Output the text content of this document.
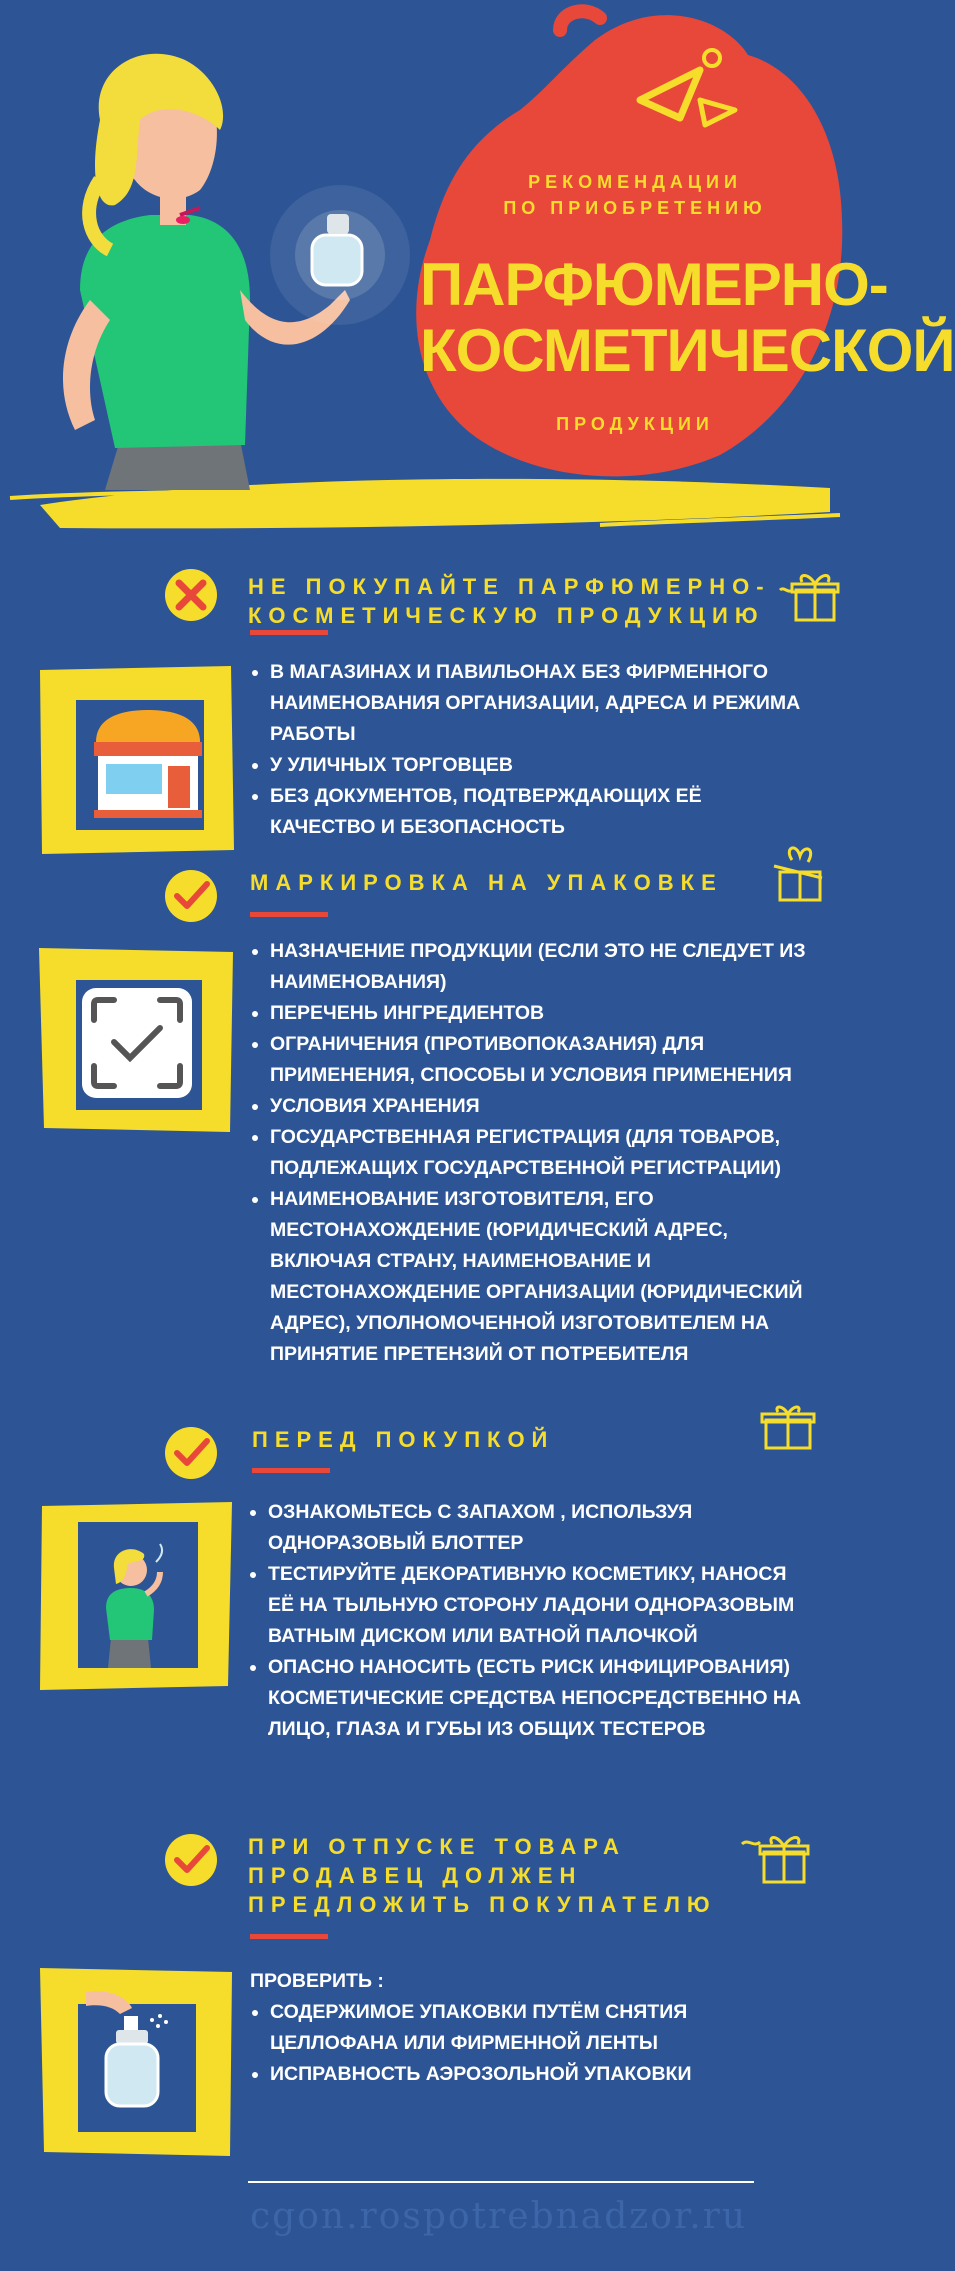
РЕКОМЕНДАЦИИ
ПО ПРИОБРЕТЕНИЮ
ПАРФЮМЕРНО-
КОСМЕТИЧЕСКОЙ
ПРОДУКЦИИ
НЕ ПОКУПАЙТЕ ПАРФЮМЕРНО-
КОСМЕТИЧЕСКУЮ ПРОДУКЦИЮ
В МАГАЗИНАХ И ПАВИЛЬОНАХ БЕЗ ФИРМЕННОГО НАИМЕНОВАНИЯ ОРГАНИЗАЦИИ, АДРЕСА И РЕЖИМА РАБОТЫ
У УЛИЧНЫХ ТОРГОВЦЕВ
БЕЗ ДОКУМЕНТОВ, ПОДТВЕРЖДАЮЩИХ ЕЁ КАЧЕСТВО И БЕЗОПАСНОСТЬ
МАРКИРОВКА НА УПАКОВКЕ
НАЗНАЧЕНИЕ ПРОДУКЦИИ (ЕСЛИ ЭТО НЕ СЛЕДУЕТ ИЗ НАИМЕНОВАНИЯ)
ПЕРЕЧЕНЬ ИНГРЕДИЕНТОВ
ОГРАНИЧЕНИЯ (ПРОТИВОПОКАЗАНИЯ) ДЛЯ ПРИМЕНЕНИЯ, СПОСОБЫ И УСЛОВИЯ ПРИМЕНЕНИЯ
УСЛОВИЯ ХРАНЕНИЯ
ГОСУДАРСТВЕННАЯ РЕГИСТРАЦИЯ (ДЛЯ ТОВАРОВ, ПОДЛЕЖАЩИХ ГОСУДАРСТВЕННОЙ РЕГИСТРАЦИИ)
НАИМЕНОВАНИЕ ИЗГОТОВИТЕЛЯ, ЕГО МЕСТОНАХОЖДЕНИЕ (ЮРИДИЧЕСКИЙ АДРЕС, ВКЛЮЧАЯ СТРАНУ, НАИМЕНОВАНИЕ И МЕСТОНАХОЖДЕНИЕ ОРГАНИЗАЦИИ (ЮРИДИЧЕСКИЙ АДРЕС), УПОЛНОМОЧЕННОЙ ИЗГОТОВИТЕЛЕМ НА ПРИНЯТИЕ ПРЕТЕНЗИЙ ОТ ПОТРЕБИТЕЛЯ
ПЕРЕД ПОКУПКОЙ
ОЗНАКОМЬТЕСЬ С ЗАПАХОМ , ИСПОЛЬЗУЯ ОДНОРАЗОВЫЙ БЛОТТЕР
ТЕСТИРУЙТЕ ДЕКОРАТИВНУЮ КОСМЕТИКУ, НАНОСЯ ЕЁ НА ТЫЛЬНУЮ СТОРОНУ ЛАДОНИ ОДНОРАЗОВЫМ ВАТНЫМ ДИСКОМ ИЛИ ВАТНОЙ ПАЛОЧКОЙ
ОПАСНО НАНОСИТЬ (ЕСТЬ РИСК ИНФИЦИРОВАНИЯ) КОСМЕТИЧЕСКИЕ СРЕДСТВА НЕПОСРЕДСТВЕННО НА ЛИЦО, ГЛАЗА И ГУБЫ ИЗ ОБЩИХ ТЕСТЕРОВ
ПРИ ОТПУСКЕ ТОВАРА
ПРОДАВЕЦ ДОЛЖЕН
ПРЕДЛОЖИТЬ ПОКУПАТЕЛЮ
ПРОВЕРИТЬ :
СОДЕРЖИМОЕ УПАКОВКИ ПУТЁМ СНЯТИЯ ЦЕЛЛОФАНА ИЛИ ФИРМЕННОЙ ЛЕНТЫ
ИСПРАВНОСТЬ АЭРОЗОЛЬНОЙ УПАКОВКИ
cgon.rospotrebnadzor.ru
